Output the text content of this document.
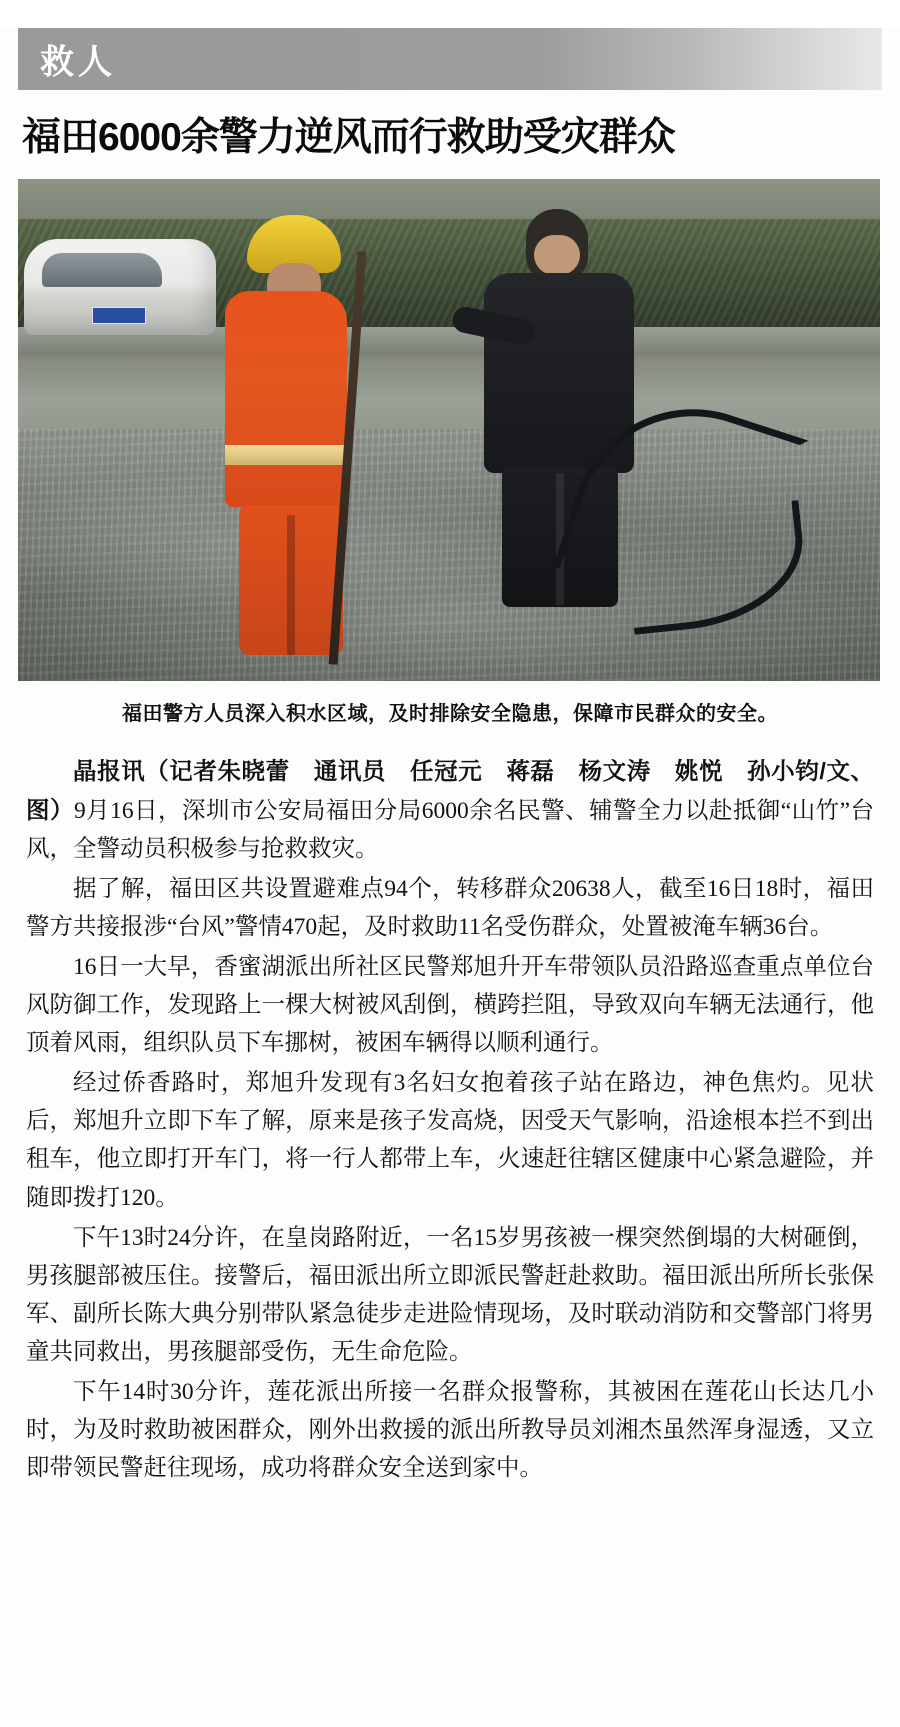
救人
福田6000余警力逆风而行救助受灾群众
福田警方人员深入积水区域，及时排除安全隐患，保障市民群众的安全。

晶报讯（记者朱晓蕾　通讯员　任冠元　蒋磊　杨文涛　姚悦　孙小钧/文、图）9月16日，深圳市公安局福田分局6000余名民警、辅警全力以赴抵御“山竹”台风，全警动员积极参与抢救救灾。

据了解，福田区共设置避难点94个，转移群众20638人，截至16日18时，福田警方共接报涉“台风”警情470起，及时救助11名受伤群众，处置被淹车辆36台。

16日一大早，香蜜湖派出所社区民警郑旭升开车带领队员沿路巡查重点单位台风防御工作，发现路上一棵大树被风刮倒，横跨拦阻，导致双向车辆无法通行，他顶着风雨，组织队员下车挪树，被困车辆得以顺利通行。

经过侨香路时，郑旭升发现有3名妇女抱着孩子站在路边，神色焦灼。见状后，郑旭升立即下车了解，原来是孩子发高烧，因受天气影响，沿途根本拦不到出租车，他立即打开车门，将一行人都带上车，火速赶往辖区健康中心紧急避险，并随即拨打120。

下午13时24分许，在皇岗路附近，一名15岁男孩被一棵突然倒塌的大树砸倒，男孩腿部被压住。接警后，福田派出所立即派民警赶赴救助。福田派出所所长张保军、副所长陈大典分别带队紧急徒步走进险情现场，及时联动消防和交警部门将男童共同救出，男孩腿部受伤，无生命危险。

下午14时30分许，莲花派出所接一名群众报警称，其被困在莲花山长达几小时，为及时救助被困群众，刚外出救援的派出所教导员刘湘杰虽然浑身湿透，又立即带领民警赶往现场，成功将群众安全送到家中。
